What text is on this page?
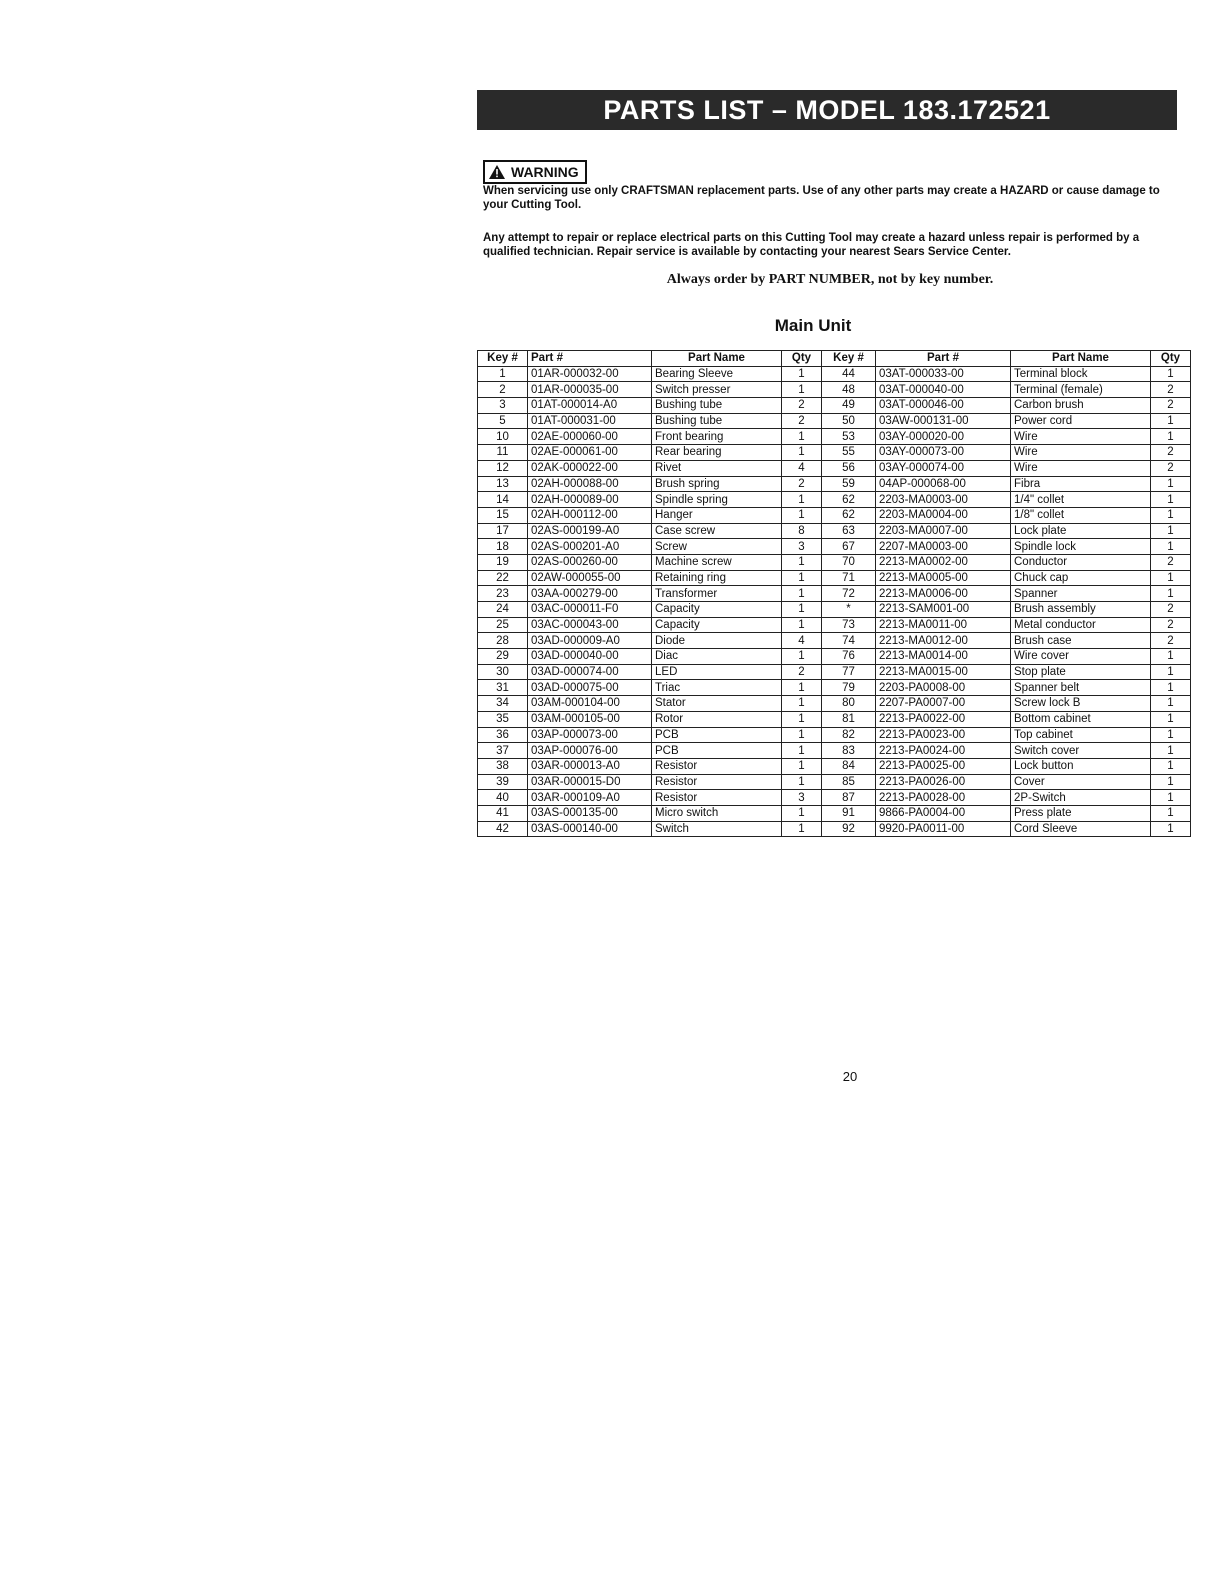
PARTS LIST – MODEL 183.172521
WARNING
When servicing use only CRAFTSMAN replacement parts. Use of any other parts may create a HAZARD or cause damage to your Cutting Tool.
Any attempt to repair or replace electrical parts on this Cutting Tool may create a hazard unless repair is performed by a qualified technician. Repair service is available by contacting your nearest Sears Service Center.
Always order by PART NUMBER, not by key number.
Main Unit
Key #	Part #	Part Name	Qty	Key #	Part #	Part Name	Qty
1	01AR-000032-00	Bearing Sleeve	1	44	03AT-000033-00	Terminal block	1
2	01AR-000035-00	Switch presser	1	48	03AT-000040-00	Terminal (female)	2
3	01AT-000014-A0	Bushing tube	2	49	03AT-000046-00	Carbon brush	2
5	01AT-000031-00	Bushing tube	2	50	03AW-000131-00	Power cord	1
10	02AE-000060-00	Front bearing	1	53	03AY-000020-00	Wire	1
11	02AE-000061-00	Rear bearing	1	55	03AY-000073-00	Wire	2
12	02AK-000022-00	Rivet	4	56	03AY-000074-00	Wire	2
13	02AH-000088-00	Brush spring	2	59	04AP-000068-00	Fibra	1
14	02AH-000089-00	Spindle spring	1	62	2203-MA0003-00	1/4" collet	1
15	02AH-000112-00	Hanger	1	62	2203-MA0004-00	1/8" collet	1
17	02AS-000199-A0	Case screw	8	63	2203-MA0007-00	Lock plate	1
18	02AS-000201-A0	Screw	3	67	2207-MA0003-00	Spindle lock	1
19	02AS-000260-00	Machine screw	1	70	2213-MA0002-00	Conductor	2
22	02AW-000055-00	Retaining ring	1	71	2213-MA0005-00	Chuck cap	1
23	03AA-000279-00	Transformer	1	72	2213-MA0006-00	Spanner	1
24	03AC-000011-F0	Capacity	1	*	2213-SAM001-00	Brush assembly	2
25	03AC-000043-00	Capacity	1	73	2213-MA0011-00	Metal conductor	2
28	03AD-000009-A0	Diode	4	74	2213-MA0012-00	Brush case	2
29	03AD-000040-00	Diac	1	76	2213-MA0014-00	Wire cover	1
30	03AD-000074-00	LED	2	77	2213-MA0015-00	Stop plate	1
31	03AD-000075-00	Triac	1	79	2203-PA0008-00	Spanner belt	1
34	03AM-000104-00	Stator	1	80	2207-PA0007-00	Screw lock B	1
35	03AM-000105-00	Rotor	1	81	2213-PA0022-00	Bottom cabinet	1
36	03AP-000073-00	PCB	1	82	2213-PA0023-00	Top cabinet	1
37	03AP-000076-00	PCB	1	83	2213-PA0024-00	Switch cover	1
38	03AR-000013-A0	Resistor	1	84	2213-PA0025-00	Lock button	1
39	03AR-000015-D0	Resistor	1	85	2213-PA0026-00	Cover	1
40	03AR-000109-A0	Resistor	3	87	2213-PA0028-00	2P-Switch	1
41	03AS-000135-00	Micro switch	1	91	9866-PA0004-00	Press plate	1
42	03AS-000140-00	Switch	1	92	9920-PA0011-00	Cord Sleeve	1
20
